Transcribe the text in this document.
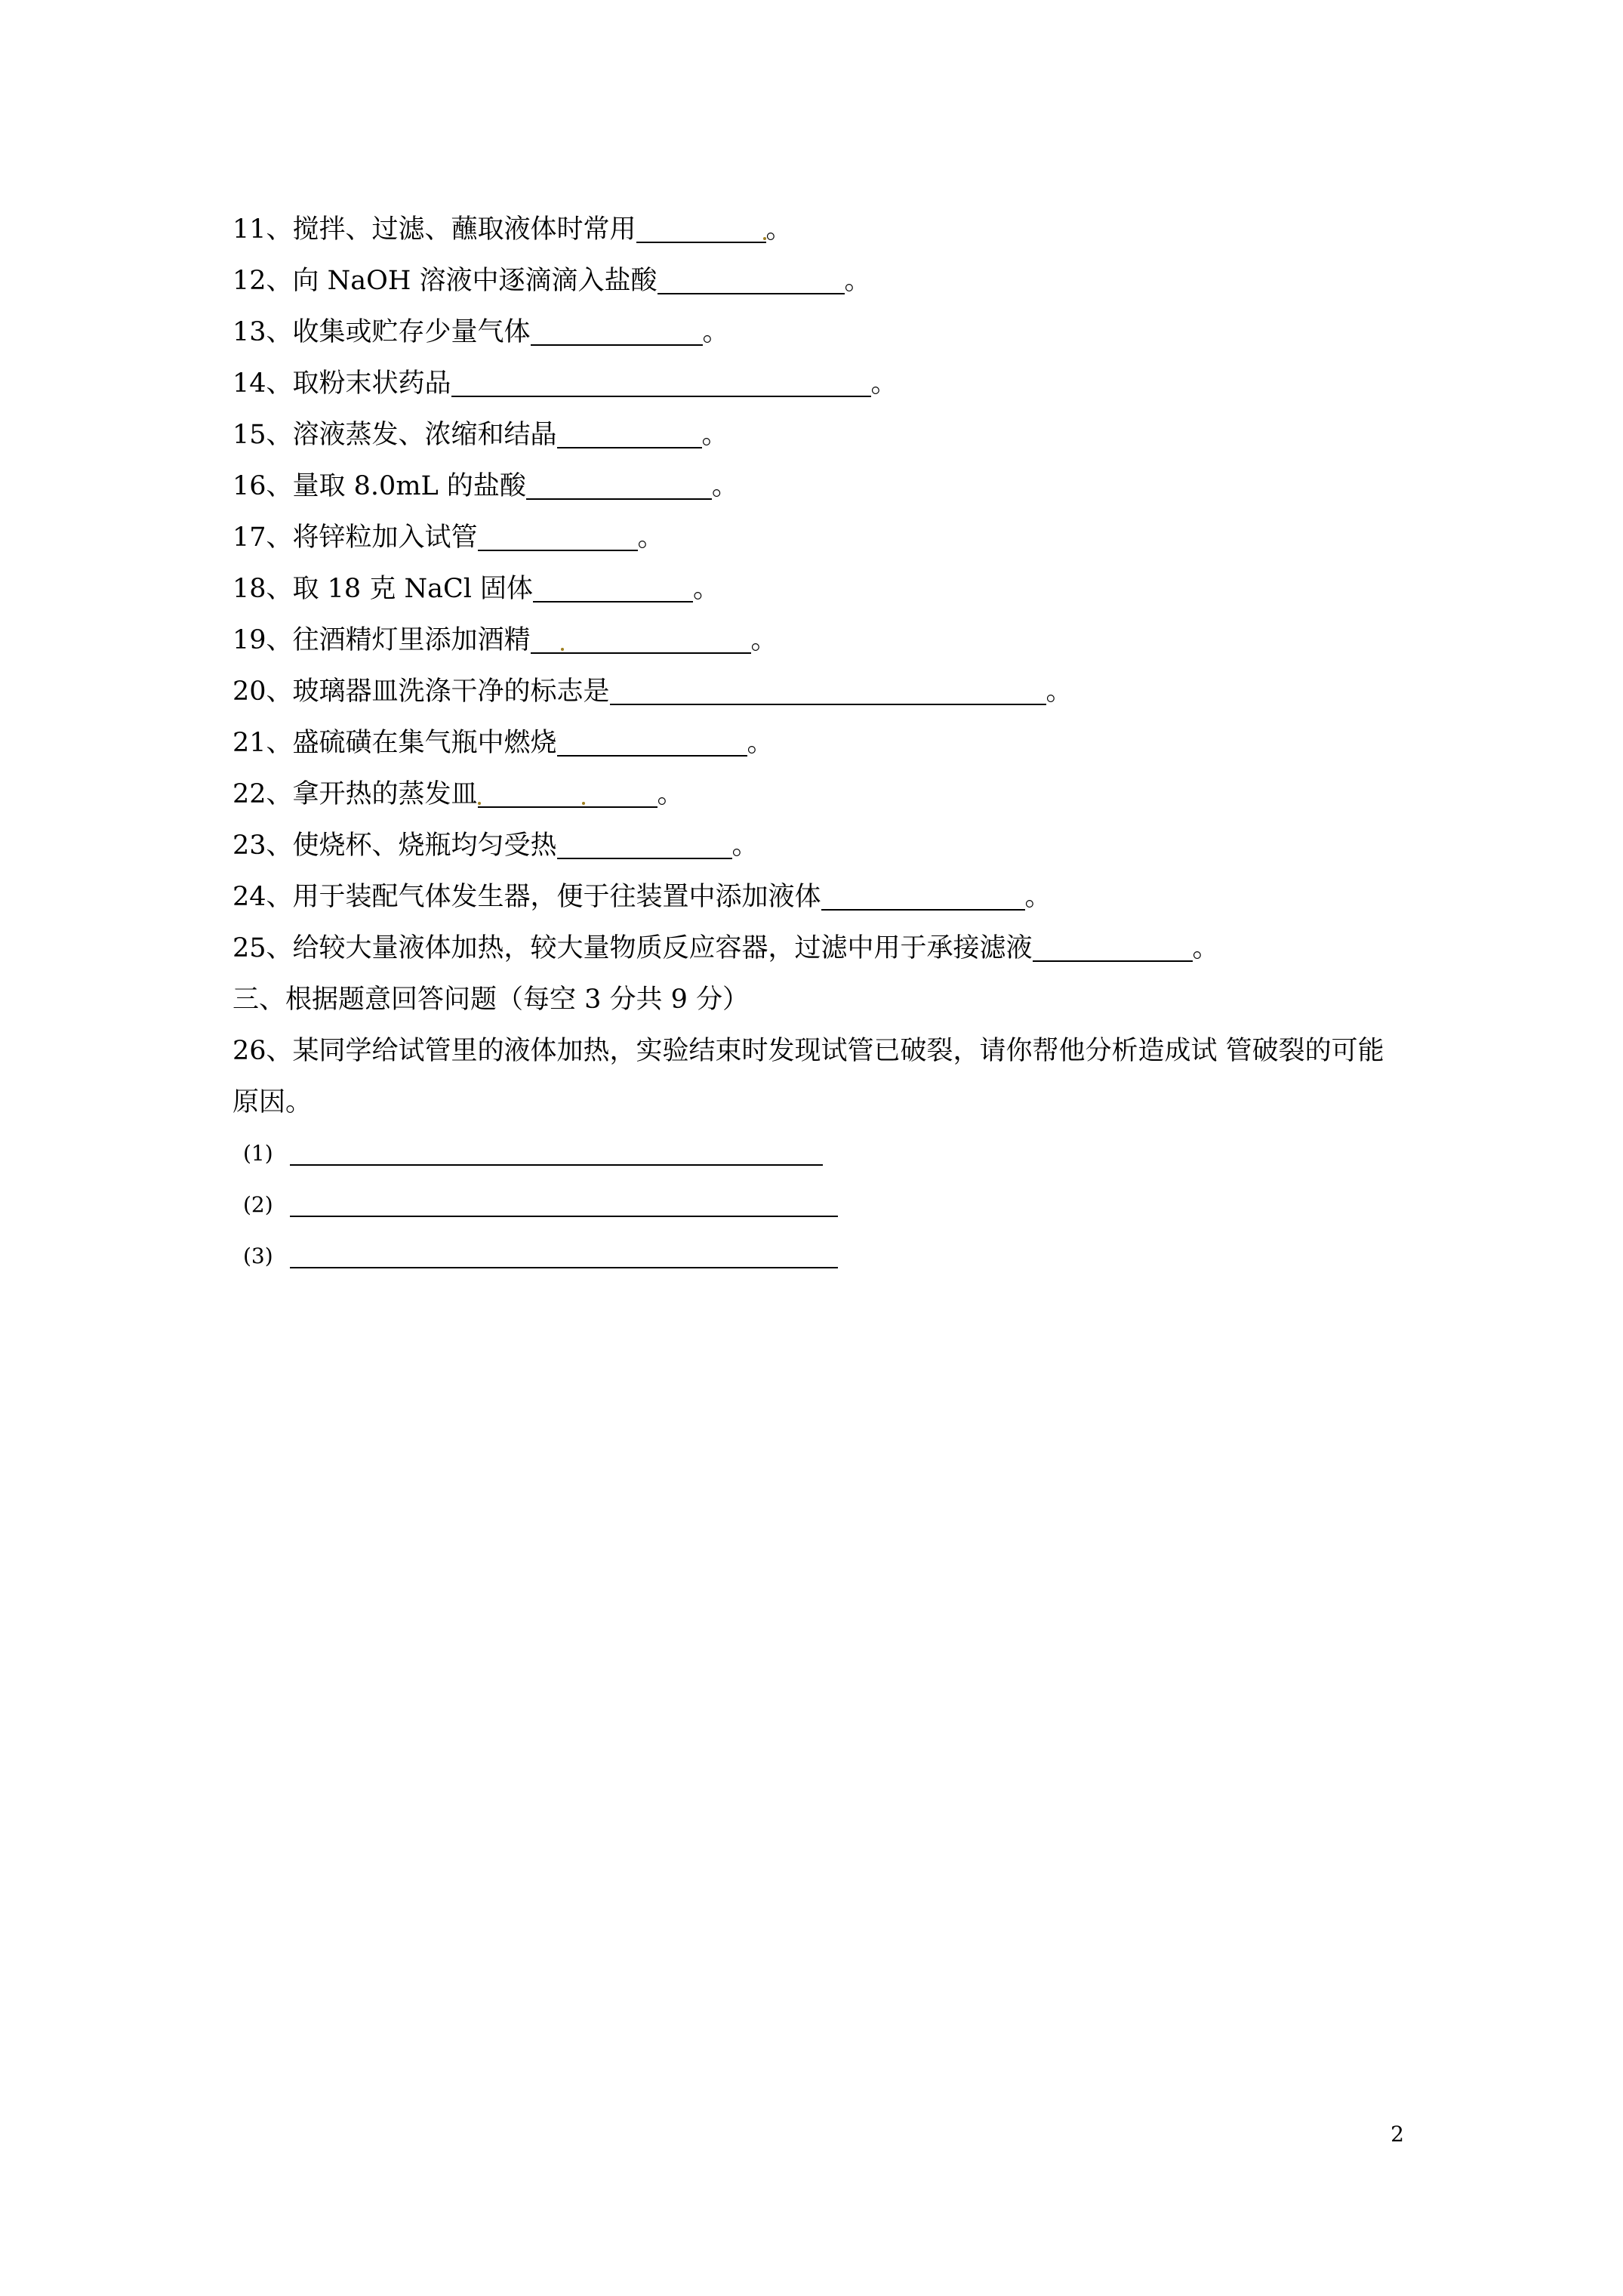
11、搅拌、过滤、蘸取液体时常用	。
12、向 NaOH 溶液中逐滴滴入盐酸	。
13、收集或贮存少量气体	。
14、取粉末状药品	。
15、溶液蒸发、浓缩和结晶	。
16、量取 8.0mL 的盐酸	。
17、将锌粒加入试管	。
18、取 18 克 NaCl 固体	。
19、往酒精灯里添加酒精	。
20、玻璃器皿洗涤干净的标志是	。
21、盛硫磺在集气瓶中燃烧	。
22、拿开热的蒸发皿	。
23、使烧杯、烧瓶均匀受热	。
24、用于装配气体发生器，便于往装置中添加液体	。
25、给较大量液体加热，较大量物质反应容器，过滤中用于承接滤液	。
三、根据题意回答问题（每空 3 分共 9 分）
26、某同学给试管里的液体加热，实验结束时发现试管已破裂，请你帮他分析造成试 管破裂的可能原因。
(1)
(2)
(3)
2
